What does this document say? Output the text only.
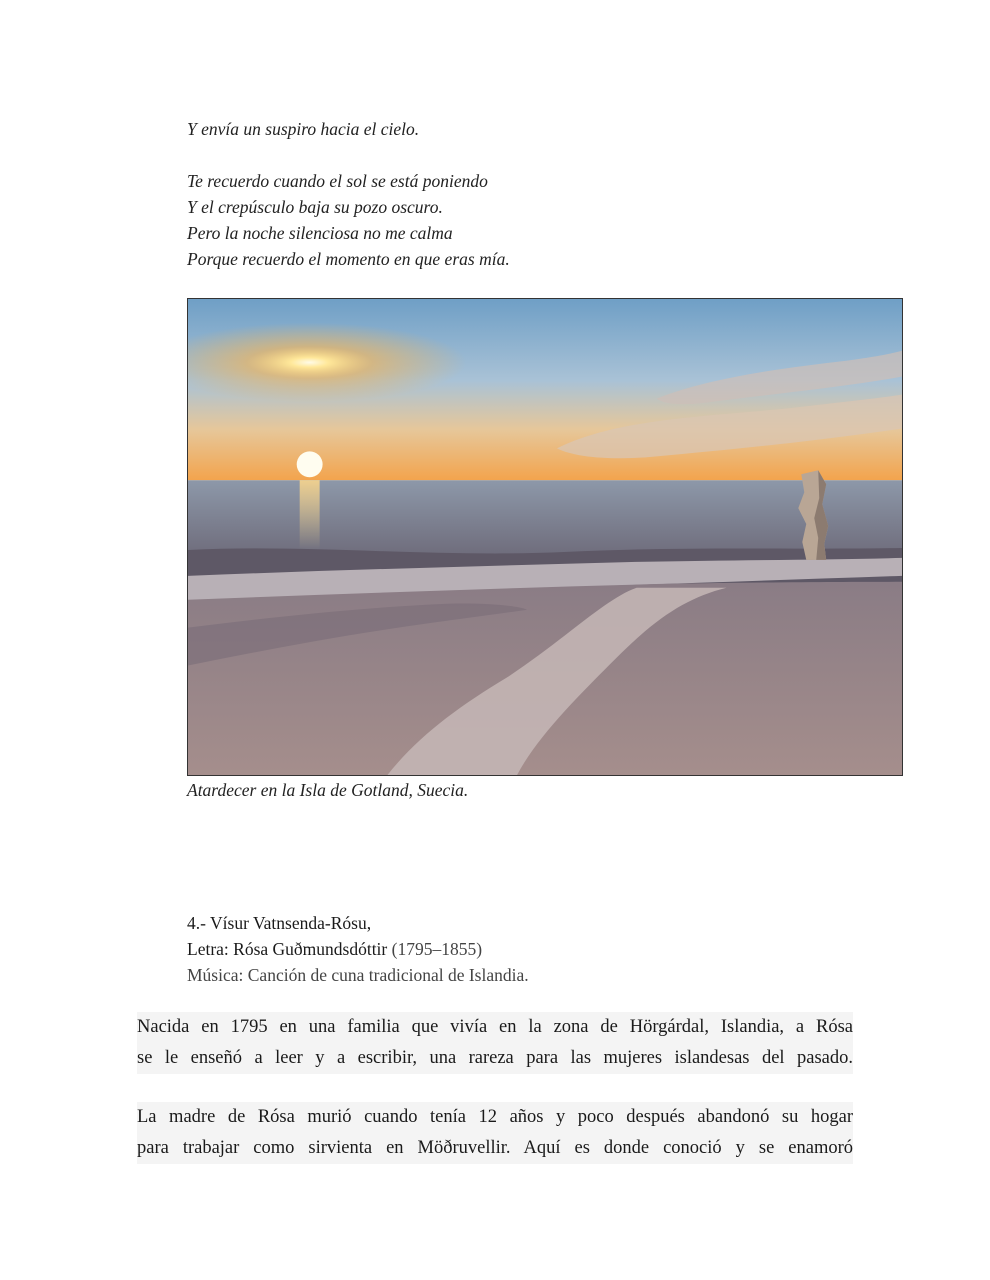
Y envía un suspiro hacia el cielo.
Te recuerdo cuando el sol se está poniendo
Y el crepúsculo baja su pozo oscuro.
Pero la noche silenciosa no me calma
Porque recuerdo el momento en que eras mía.
Atardecer en la Isla de Gotland, Suecia.
4.- Vísur Vatnsenda-Rósu,
Letra: Rósa Guðmundsdóttir (1795–1855)
Música: Canción de cuna tradicional de Islandia.
Nacida en 1795 en una familia que vivía en la zona de Hörgárdal, Islandia, a Rósa
se le enseñó a leer y a escribir, una rareza para las mujeres islandesas del pasado.
La madre de Rósa murió cuando tenía 12 años y poco después abandonó su hogar
para trabajar como sirvienta en Möðruvellir. Aquí es donde conoció y se enamoró
